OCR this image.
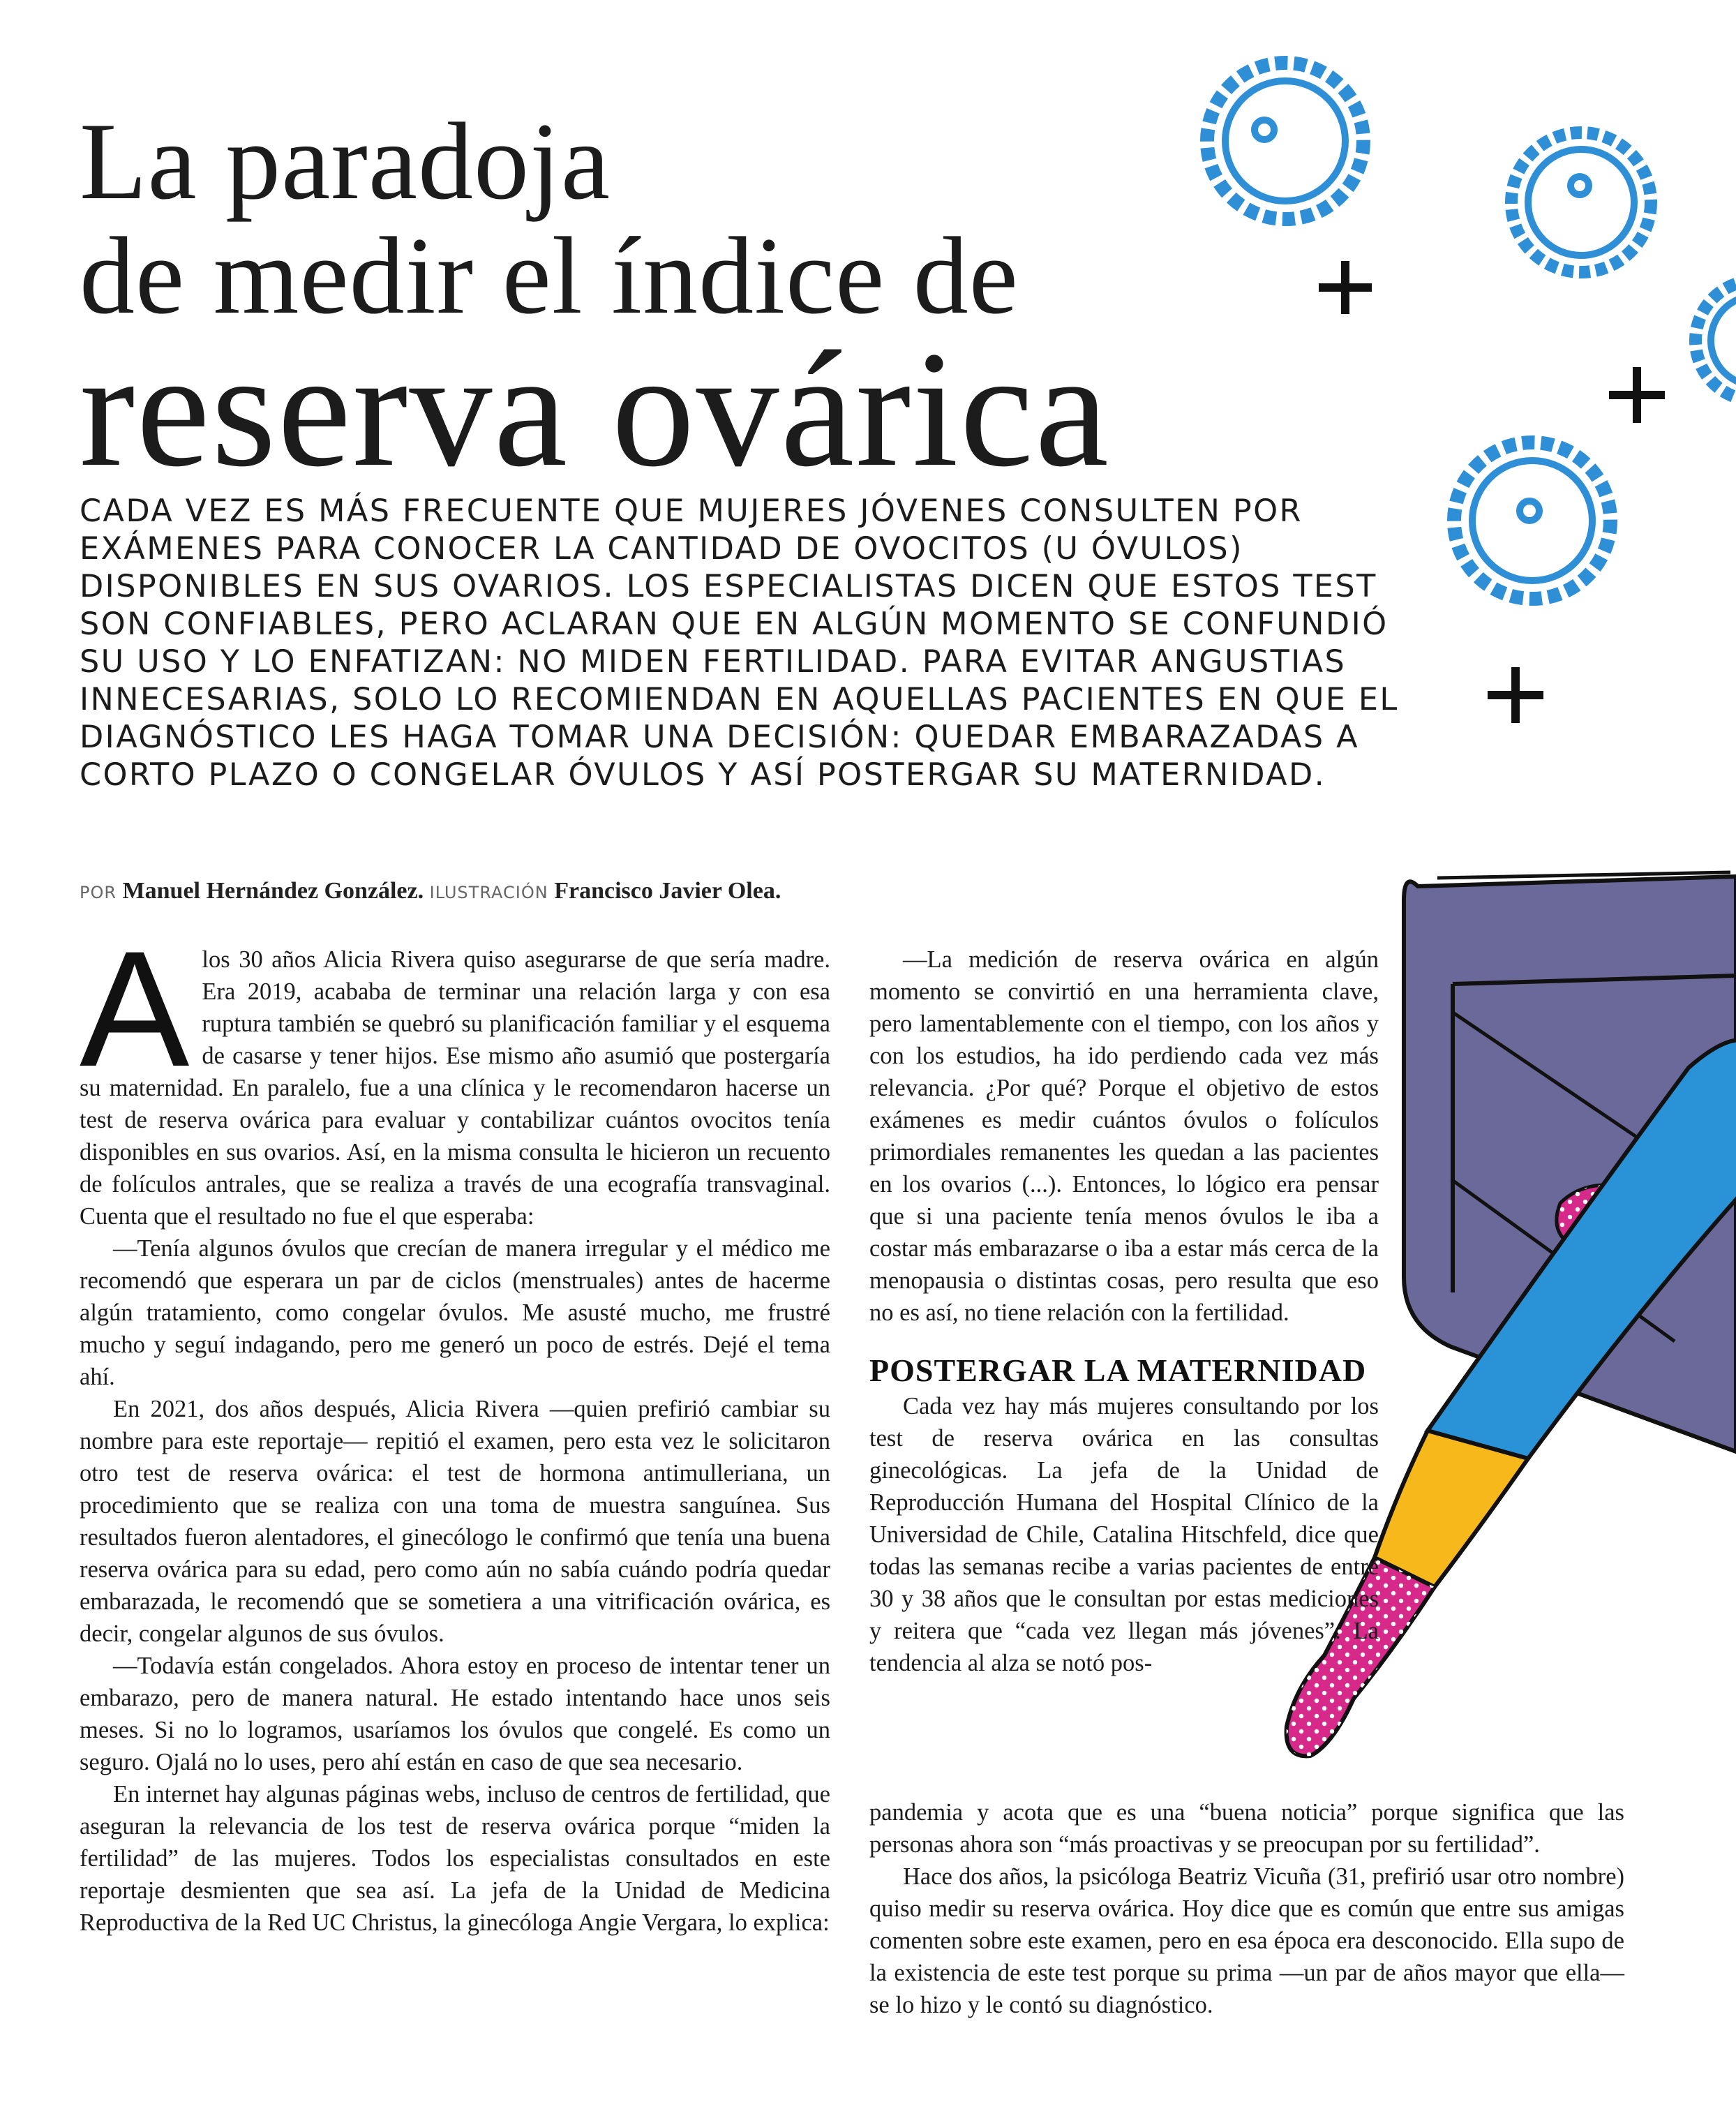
La paradoja
de medir el índice de
reserva ovárica
CADA VEZ ES MÁS FRECUENTE QUE MUJERES JÓVENES CONSULTEN POR EXÁMENES PARA CONOCER LA CANTIDAD DE OVOCITOS (U ÓVULOS) DISPONIBLES EN SUS OVARIOS. LOS ESPECIALISTAS DICEN QUE ESTOS TEST SON CONFIABLES, PERO ACLARAN QUE EN ALGÚN MOMENTO SE CONFUNDIÓ SU USO Y LO ENFATIZAN: NO MIDEN FERTILIDAD. PARA EVITAR ANGUSTIAS INNECESARIAS, SOLO LO RECOMIENDAN EN AQUELLAS PACIENTES EN QUE EL DIAGNÓSTICO LES HAGA TOMAR UNA DECISIÓN: QUEDAR EMBARAZADAS A CORTO PLAZO O CONGELAR ÓVULOS Y ASÍ POSTERGAR SU MATERNIDAD.
POR Manuel Hernández González. ILUSTRACIÓN Francisco Javier Olea.

Alos 30 años Alicia Rivera quiso asegurarse de que sería madre. Era 2019, acababa de terminar una relación larga y con esa ruptura también se quebró su planificación familiar y el esquema de casarse y tener hijos. Ese mismo año asumió que postergaría su maternidad. En paralelo, fue a una clínica y le recomendaron hacerse un test de reserva ovárica para evaluar y contabilizar cuántos ovocitos tenía disponibles en sus ovarios. Así, en la misma consulta le hicieron un recuento de folículos antrales, que se realiza a través de una ecografía transvaginal. Cuenta que el resultado no fue el que esperaba:

—Tenía algunos óvulos que crecían de manera irregular y el médico me recomendó que esperara un par de ciclos (menstruales) antes de hacerme algún tratamiento, como congelar óvulos. Me asusté mucho, me frustré mucho y seguí indagando, pero me generó un poco de estrés. Dejé el tema ahí.

En 2021, dos años después, Alicia Rivera —quien prefirió cambiar su nombre para este reportaje— repitió el examen, pero esta vez le solicitaron otro test de reserva ovárica: el test de hormona antimulleriana, un procedimiento que se realiza con una toma de muestra sanguínea. Sus resultados fueron alentadores, el ginecólogo le confirmó que tenía una buena reserva ovárica para su edad, pero como aún no sabía cuándo podría quedar embarazada, le recomendó que se sometiera a una vitrificación ovárica, es decir, congelar algunos de sus óvulos.

—Todavía están congelados. Ahora estoy en proceso de intentar tener un embarazo, pero de manera natural. He estado intentando hace unos seis meses. Si no lo logramos, usaríamos los óvulos que congelé. Es como un seguro. Ojalá no lo uses, pero ahí están en caso de que sea necesario.

En internet hay algunas páginas webs, incluso de centros de fertilidad, que aseguran la relevancia de los test de reserva ovárica porque “miden la fertilidad” de las mujeres. Todos los especialistas consultados en este reportaje desmienten que sea así. La jefa de la Unidad de Medicina Reproductiva de la Red UC Christus, la ginecóloga Angie Vergara, lo explica:

—La medición de reserva ovárica en algún momento se convirtió en una herramienta clave, pero lamentablemente con el tiempo, con los años y con los estudios, ha ido perdiendo cada vez más relevancia. ¿Por qué? Porque el objetivo de estos exámenes es medir cuántos óvulos o folículos primordiales remanentes les quedan a las pacientes en los ovarios (...). Entonces, lo lógico era pensar que si una paciente tenía menos óvulos le iba a costar más embarazarse o iba a estar más cerca de la menopausia o distintas cosas, pero resulta que eso no es así, no tiene relación con la fertilidad.

POSTERGAR LA MATERNIDAD

Cada vez hay más mujeres consultando por los test de reserva ovárica en las consultas ginecológicas. La jefa de la Unidad de Reproducción Humana del Hospital Clínico de la Universidad de Chile, Catalina Hitschfeld, dice que todas las semanas recibe a varias pacientes de entre 30 y 38 años que le consultan por estas mediciones y reitera que “cada vez llegan más jóvenes”. La tendencia al alza se notó pos-

pandemia y acota que es una “buena noticia” porque significa que las personas ahora son “más proactivas y se preocupan por su fertilidad”.

Hace dos años, la psicóloga Beatriz Vicuña (31, prefirió usar otro nombre) quiso medir su reserva ovárica. Hoy dice que es común que entre sus amigas comenten sobre este examen, pero en esa época era desconocido. Ella supo de la existencia de este test porque su prima —un par de años mayor que ella— se lo hizo y le contó su diagnóstico.
